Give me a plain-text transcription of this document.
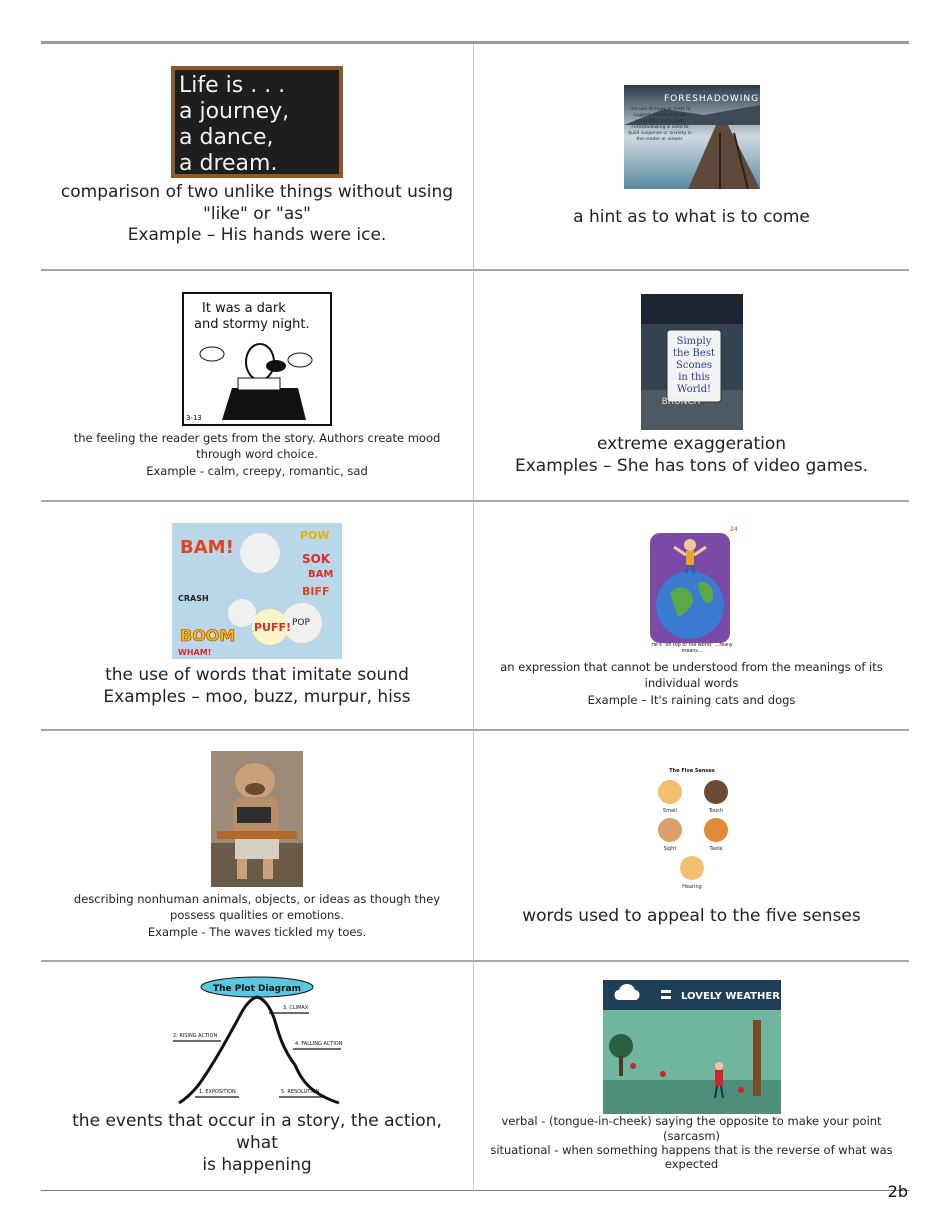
Life is . . .
a journey,
a dance,
a dream.
comparison of two unlike things without using
"like" or "as"
Example – His hands were ice.
FORESHADOWING
The use of clues or hints to suggest events that will occur later in the plot. Foreshadowing is used to build suspense or anxiety in the reader or viewer.
a hint as to what is to come
It was a dark
and stormy night.
3-13
the feeling the reader gets from the story. Authors create mood
through word choice.
Example - calm, creepy, romantic, sad
Simply
the Best
Scones
in this
World!
BRUNCH
extreme exaggeration
Examples – She has tons of video games.
BAM!
POW
SOK
BAM
CRASH
BIFF
BOOM PUFF! POP
WHAM!
the use of words that imitate sound
Examples – moo, buzz, murpur, hiss
24
He's "on top of the world" ...really means...
an expression that cannot be understood from the meanings of its
individual words
Example – It's raining cats and dogs
describing nonhuman animals, objects, or ideas as though they
possess qualities or emotions.
Example - The waves tickled my toes.
The Five Senses
Smell	Touch
Sight	Taste
Hearing
words used to appeal to the five senses
The Plot Diagram
3. CLIMAX
2. RISING ACTION
4. FALLING ACTION
1. EXPOSITION	5. RESOLUTION
the events that occur in a story, the action, what
is happening
LOVELY WEATHER
verbal - (tongue-in-cheek) saying the opposite to make your point (sarcasm)
situational - when something happens that is the reverse of what was
expected
2b
